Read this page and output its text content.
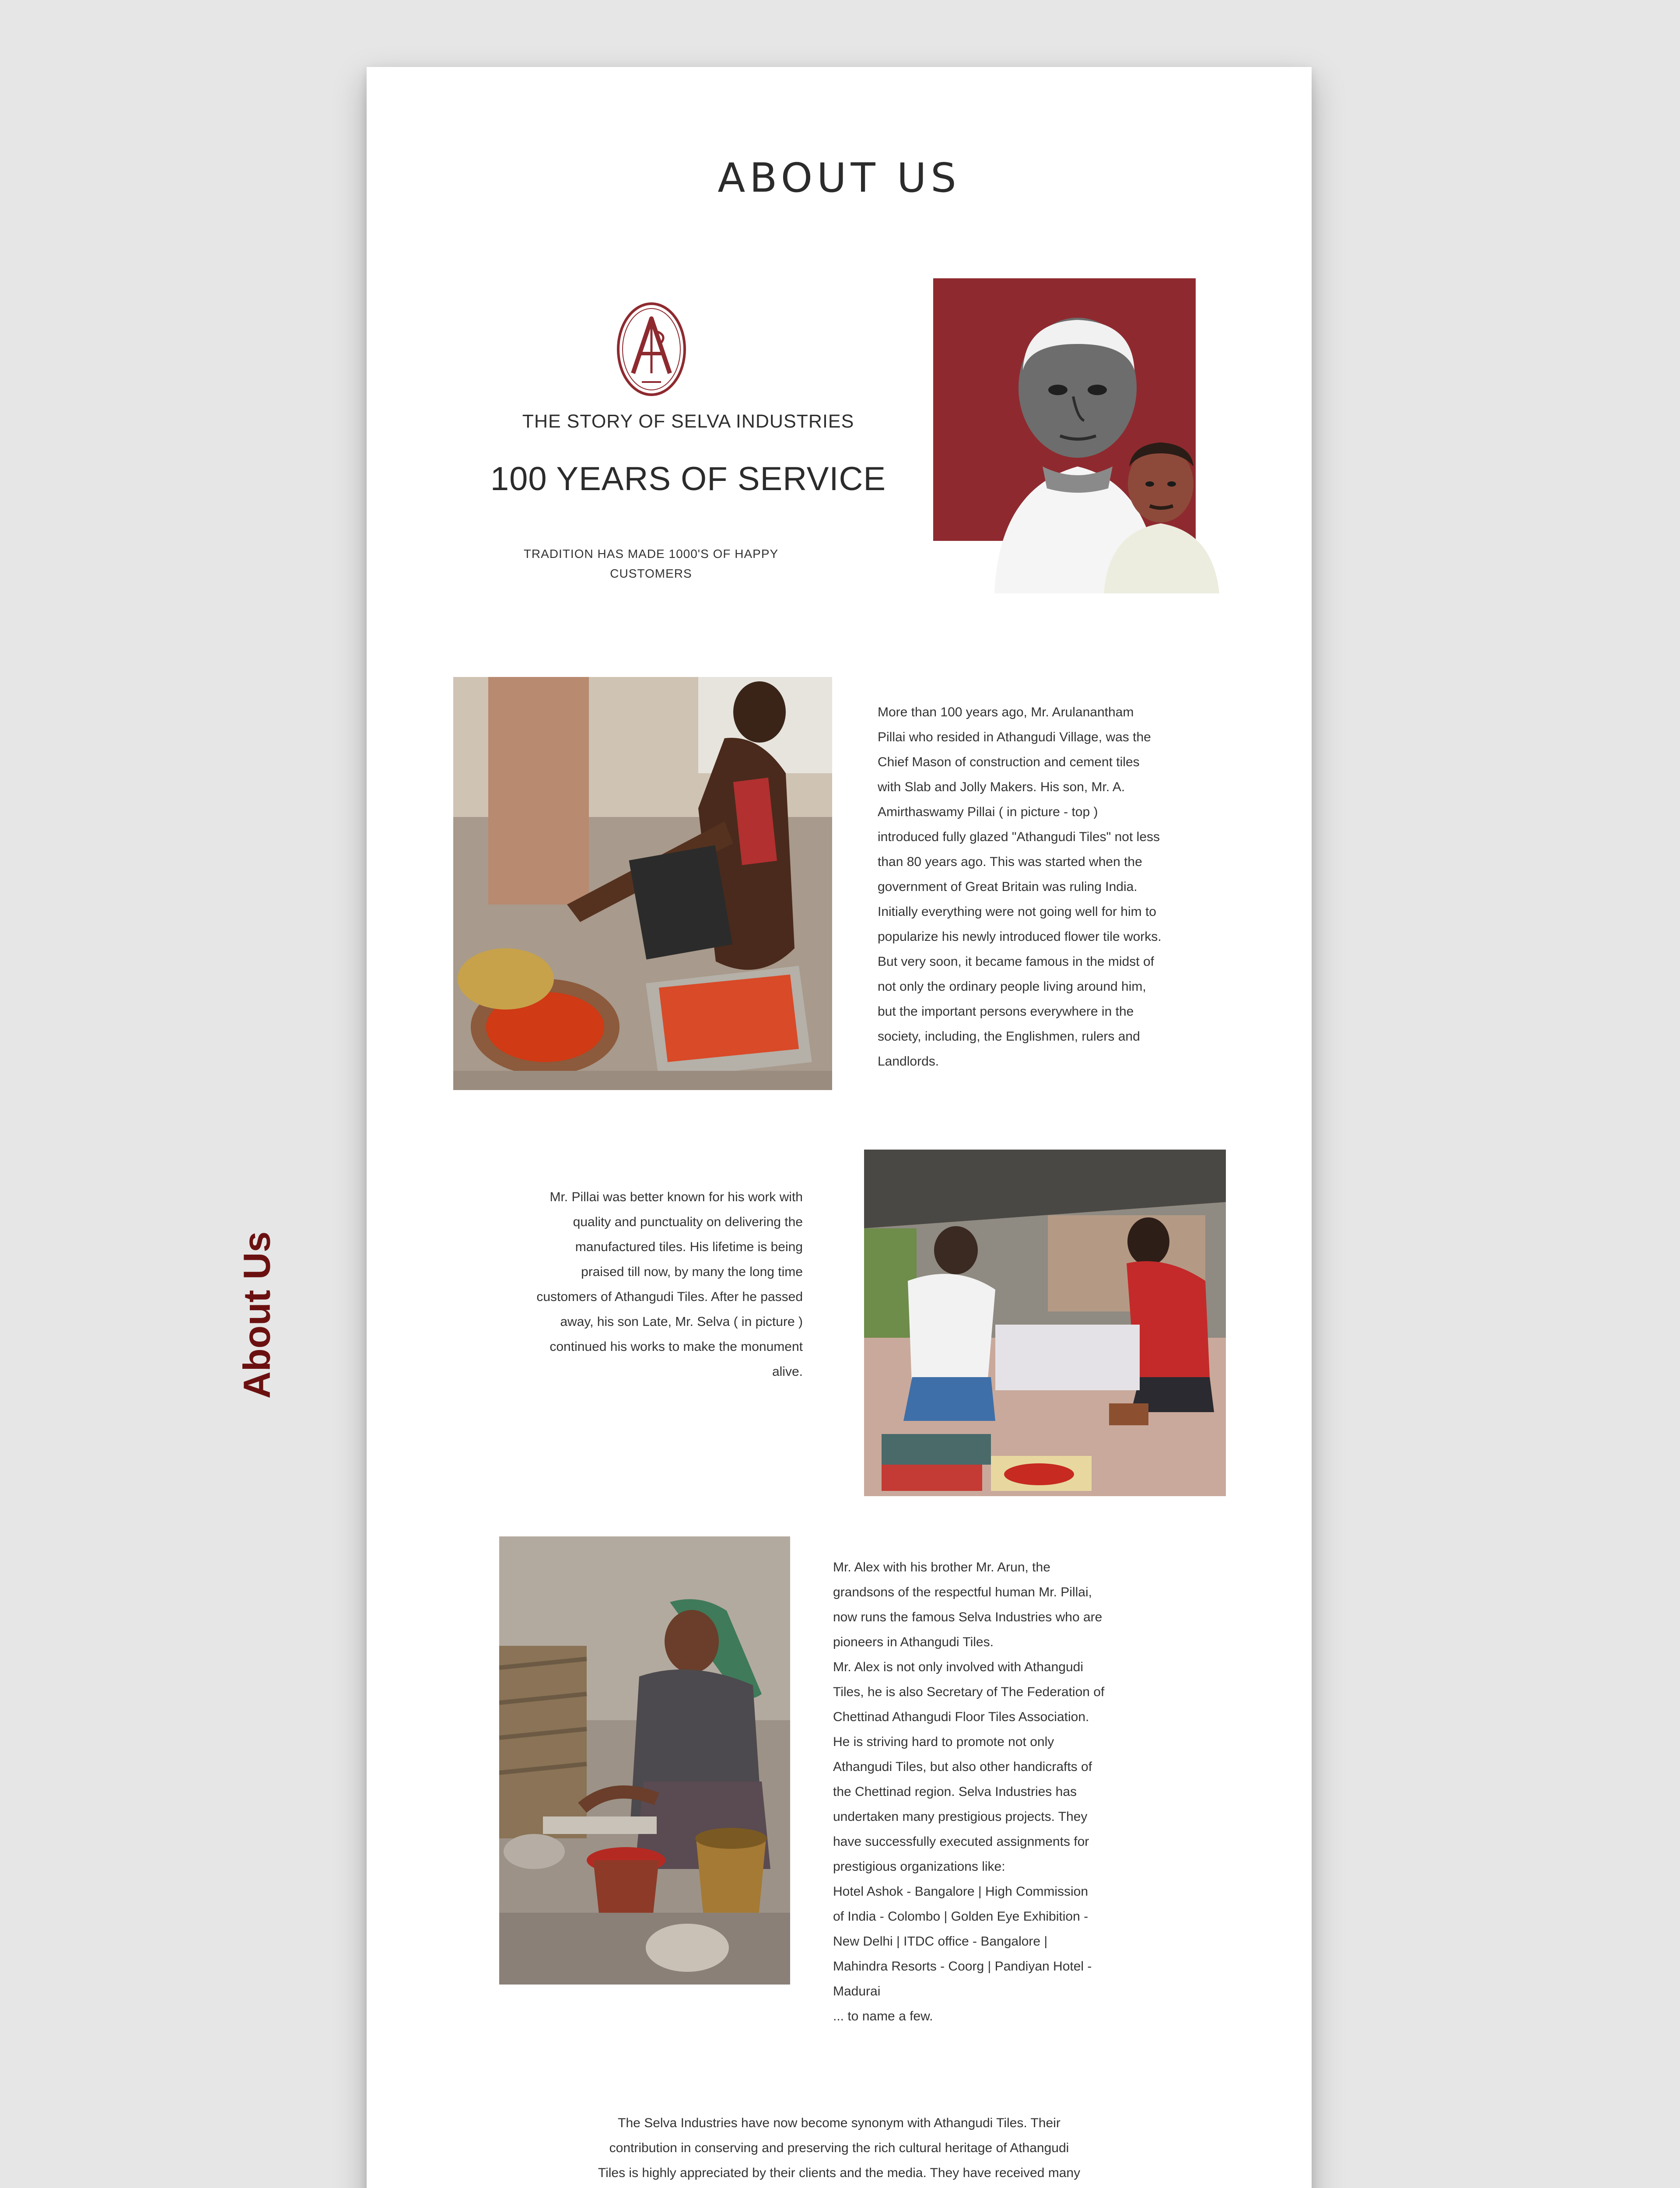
About Us
ABOUT US
THE STORY OF SELVA INDUSTRIES
100 YEARS OF SERVICE
TRADITION HAS MADE 1000'S OF HAPPY
CUSTOMERS
More than 100 years ago, Mr. Arulanantham
Pillai who resided in Athangudi Village, was the
Chief Mason of construction and cement tiles
with Slab and Jolly Makers. His son, Mr. A.
Amirthaswamy Pillai ( in picture - top )
introduced fully glazed "Athangudi Tiles" not less
than 80 years ago. This was started when the
government of Great Britain was ruling India.
Initially everything were not going well for him to
popularize his newly introduced flower tile works.
But very soon, it became famous in the midst of
not only the ordinary people living around him,
but the important persons everywhere in the
society, including, the Englishmen, rulers and
Landlords.
Mr. Pillai was better known for his work with
quality and punctuality on delivering the
manufactured tiles. His lifetime is being
praised till now, by many the long time
customers of Athangudi Tiles. After he passed
away, his son Late, Mr. Selva ( in picture )
continued his works to make the monument
alive.
Mr. Alex with his brother Mr. Arun, the
grandsons of the respectful human Mr. Pillai,
now runs the famous Selva Industries who are
pioneers in Athangudi Tiles.
Mr. Alex is not only involved with Athangudi
Tiles, he is also Secretary of The Federation of
Chettinad Athangudi Floor Tiles Association.
He is striving hard to promote not only
Athangudi Tiles, but also other handicrafts of
the Chettinad region. Selva Industries has
undertaken many prestigious projects. They
have successfully executed assignments for
prestigious organizations like:
Hotel Ashok - Bangalore | High Commission
of India - Colombo | Golden Eye Exhibition -
New Delhi | ITDC office - Bangalore |
Mahindra Resorts - Coorg | Pandiyan Hotel -
Madurai
... to name a few.
The Selva Industries have now become synonym with Athangudi Tiles. Their
contribution in conserving and preserving the rich cultural heritage of Athangudi
Tiles is highly appreciated by their clients and the media. They have received many
